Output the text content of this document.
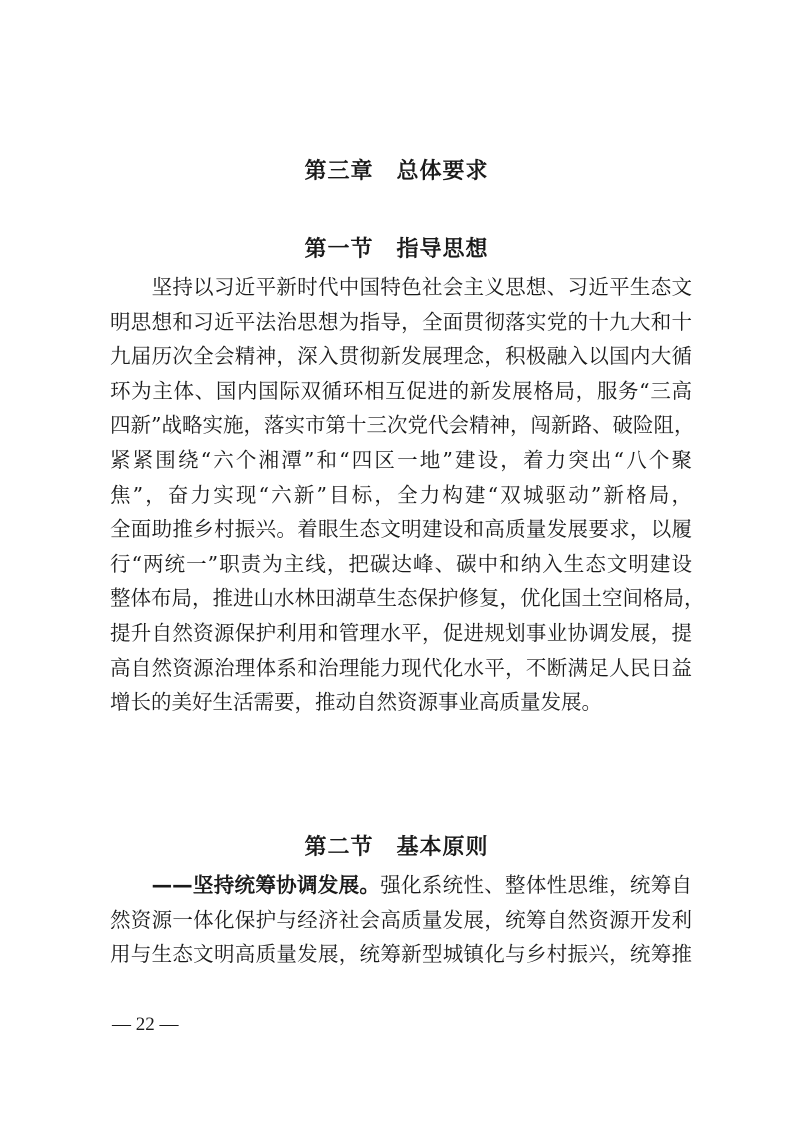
第三章　总体要求
第一节　指导思想
　　坚持以习近平新时代中国特色社会主义思想、习近平生态文
明思想和习近平法治思想为指导，全面贯彻落实党的十九大和十
九届历次全会精神，深入贯彻新发展理念，积极融入以国内大循
环为主体、国内国际双循环相互促进的新发展格局，服务“三高
四新”战略实施，落实市第十三次党代会精神，闯新路、破险阻，
紧紧围绕“六个湘潭”和“四区一地”建设，着力突出“八个聚
焦”，奋力实现“六新”目标，全力构建“双城驱动”新格局，
全面助推乡村振兴。着眼生态文明建设和高质量发展要求，以履
行“两统一”职责为主线，把碳达峰、碳中和纳入生态文明建设
整体布局，推进山水林田湖草生态保护修复，优化国土空间格局，
提升自然资源保护利用和管理水平，促进规划事业协调发展，提
高自然资源治理体系和治理能力现代化水平，不断满足人民日益
增长的美好生活需要，推动自然资源事业高质量发展。
第二节　基本原则
　　——坚持统筹协调发展。强化系统性、整体性思维，统筹自
然资源一体化保护与经济社会高质量发展，统筹自然资源开发利
用与生态文明高质量发展，统筹新型城镇化与乡村振兴，统筹推
— 22 —
